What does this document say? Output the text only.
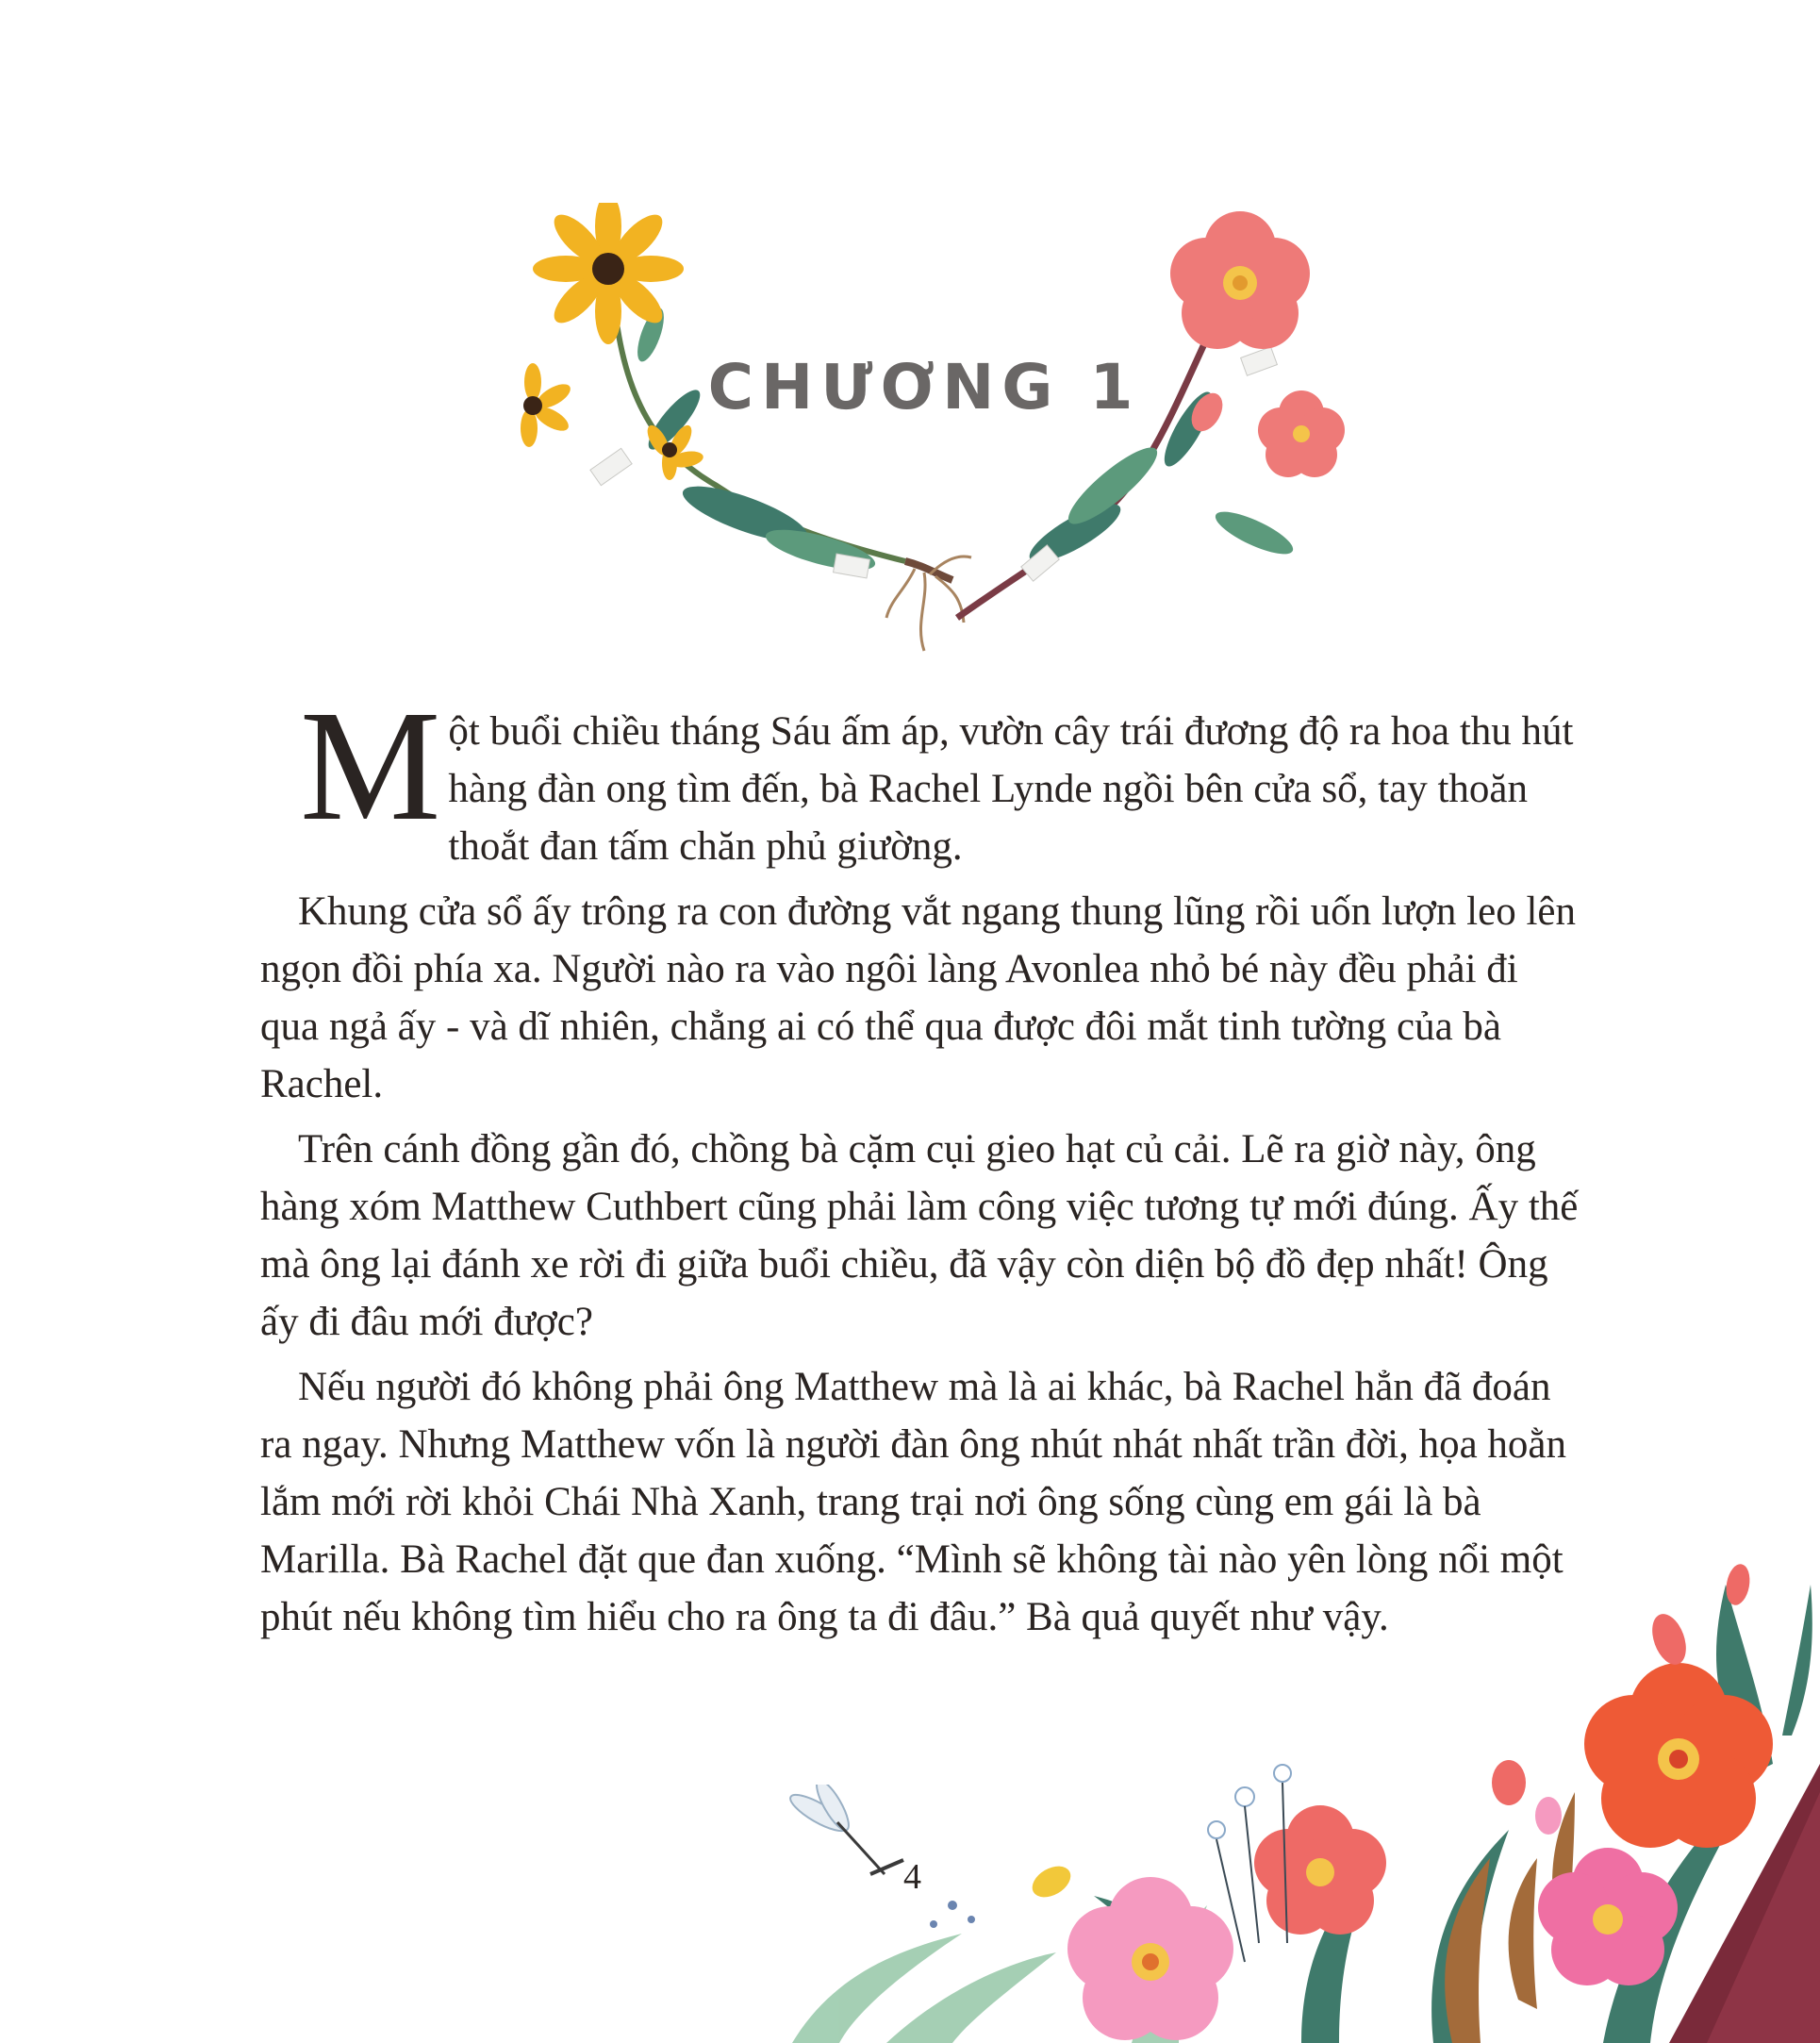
CHƯƠNG 1

Một buổi chiều tháng Sáu ấm áp, vườn cây trái đương độ ra hoa thu hút hàng đàn ong tìm đến, bà Rachel Lynde ngồi bên cửa sổ, tay thoăn thoắt đan tấm chăn phủ giường.

Khung cửa sổ ấy trông ra con đường vắt ngang thung lũng rồi uốn lượn leo lên ngọn đồi phía xa. Người nào ra vào ngôi làng Avonlea nhỏ bé này đều phải đi qua ngả ấy - và dĩ nhiên, chẳng ai có thể qua được đôi mắt tinh tường của bà Rachel.

Trên cánh đồng gần đó, chồng bà cặm cụi gieo hạt củ cải. Lẽ ra giờ này, ông hàng xóm Matthew Cuthbert cũng phải làm công việc tương tự mới đúng. Ấy thế mà ông lại đánh xe rời đi giữa buổi chiều, đã vậy còn diện bộ đồ đẹp nhất! Ông ấy đi đâu mới được?

Nếu người đó không phải ông Matthew mà là ai khác, bà Rachel hẳn đã đoán ra ngay. Nhưng Matthew vốn là người đàn ông nhút nhát nhất trần đời, họa hoằn lắm mới rời khỏi Chái Nhà Xanh, trang trại nơi ông sống cùng em gái là bà Marilla. Bà Rachel đặt que đan xuống. “Mình sẽ không tài nào yên lòng nổi một phút nếu không tìm hiểu cho ra ông ta đi đâu.” Bà quả quyết như vậy.

4
